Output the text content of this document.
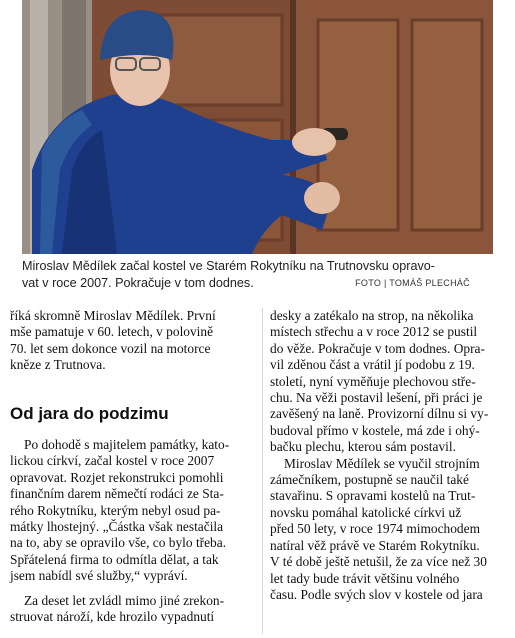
Miroslav Mědílek začal kostel ve Starém Rokytníku na Trutnovsku opravo-
vat v roce 2007. Pokračuje v tom dodnes.	FOTO | TOMÁŠ PLECHÁČ
říká skromně Miroslav Mědílek. První
mše pamatuje v 60. letech, v polovině
70. let sem dokonce vozil na motorce
kněze z Trutnova.
Od jara do podzimu
Po dohodě s majitelem památky, kato-
lickou církví, začal kostel v roce 2007
opravovat. Rozjet rekonstrukci pomohli
finančním darem němečtí rodáci ze Sta-
rého Rokytníku, kterým nebyl osud pa-
mátky lhostejný. „Částka však nestačila
na to, aby se opravilo vše, co bylo třeba.
Spřátelená firma to odmítla dělat, a tak
jsem nabídl své služby,“ vypráví.
Za deset let zvládl mimo jiné zrekon-
struovat nároží, kde hrozilo vypadnutí
desky a zatékalo na strop, na několika
místech střechu a v roce 2012 se pustil
do věže. Pokračuje v tom dodnes. Opra-
vil zděnou část a vrátil jí podobu z 19.
století, nyní vyměňuje plechovou stře-
chu. Na věži postavil lešení, při práci je
zavěšený na laně. Provizorní dílnu si vy-
budoval přímo v kostele, má zde i ohý-
bačku plechu, kterou sám postavil.
Miroslav Mědílek se vyučil strojním
zámečníkem, postupně se naučil také
stavařinu. S opravami kostelů na Trut-
novsku pomáhal katolické církvi už
před 50 lety, v roce 1974 mimochodem
natíral věž právě ve Starém Rokytníku.
V té době ještě netušil, že za více než 30
let tady bude trávit většinu volného
času. Podle svých slov v kostele od jara
